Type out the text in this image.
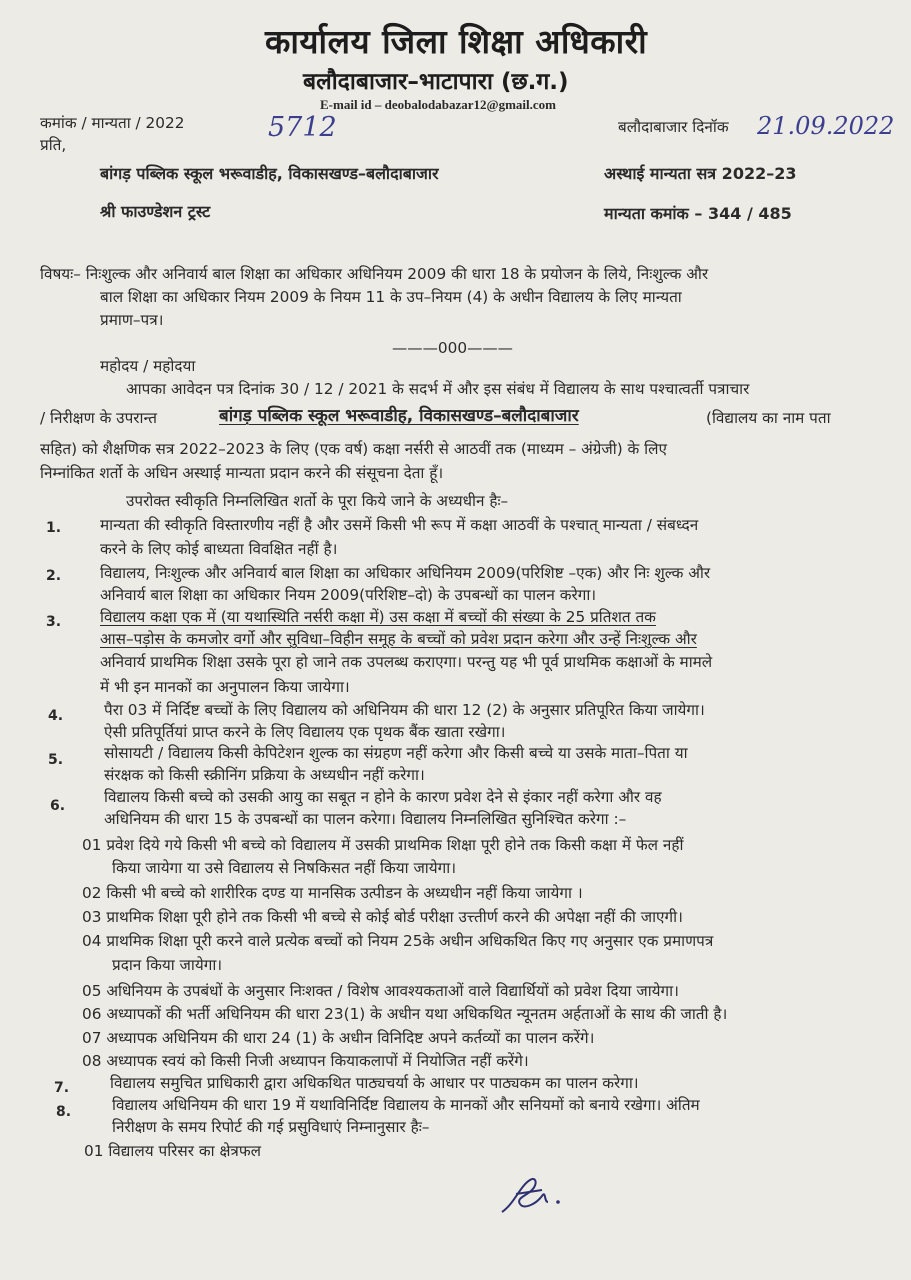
कार्यालय जिला शिक्षा अधिकारी
बलौदाबाजार–भाटापारा (छ.ग.)
E-mail id – deobalodabazar12@gmail.com
कमांक / मान्यता / 2022	5712
प्रति,
बलौदाबाजार दिनॉक 21.09.2022
बांगड़ पब्लिक स्कूल भरूवाडीह, विकासखण्ड–बलौदाबाजार	अस्थाई मान्यता सत्र 2022–23
श्री फाउण्डेशन ट्रस्ट	मान्यता कमांक – 344 / 485
विषयः– निःशुल्क और अनिवार्य बाल शिक्षा का अधिकार अधिनियम 2009 की धारा 18 के प्रयोजन के लिये, निःशुल्क और
बाल शिक्षा का अधिकार नियम 2009 के नियम 11 के उप–नियम (4) के अधीन विद्यालय के लिए मान्यता
प्रमाण–पत्र।
———000———
महोदय / महोदया
आपका आवेदन पत्र दिनांक 30 / 12 / 2021 के सदर्भ में और इस संबंध में विद्यालय के साथ पश्चात्वर्ती पत्राचार
/ निरीक्षण के उपरान्त	बांगड़ पब्लिक स्कूल भरूवाडीह, विकासखण्ड–बलौदाबाजार	(विद्यालय का नाम पता
सहित) को शैक्षणिक सत्र 2022–2023 के लिए (एक वर्ष) कक्षा नर्सरी से आठवीं तक (माध्यम – अंग्रेजी) के लिए
निम्नांकित शर्तो के अधिन अस्थाई मान्यता प्रदान करने की संसूचना देता हूँ।
उपरोक्त स्वीकृति निम्नलिखित शर्तो के पूरा किये जाने के अध्यधीन हैः–
1.	मान्यता की स्वीकृति विस्तारणीय नहीं है और उसमें किसी भी रूप में कक्षा आठवीं के पश्चात् मान्यता / संबध्दन
करने के लिए कोई बाध्यता विवक्षित नहीं है।
2.	विद्यालय, निःशुल्क और अनिवार्य बाल शिक्षा का अधिकार अधिनियम 2009(परिशिष्ट –एक) और निः शुल्क और
अनिवार्य बाल शिक्षा का अधिकार नियम 2009(परिशिष्ट–दो) के उपबन्धों का पालन करेगा।
3.	विद्यालय कक्षा एक में (या यथास्थिति नर्सरी कक्षा में) उस कक्षा में बच्चों की संख्या के 25 प्रतिशत तक
आस–पड़ोस के कमजोर वर्गो और सुविधा–विहीन समूह के बच्चों को प्रवेश प्रदान करेगा और उन्हें निःशुल्क और
अनिवार्य प्राथमिक शिक्षा उसके पूरा हो जाने तक उपलब्ध कराएगा। परन्तु यह भी पूर्व प्राथमिक कक्षाओं के मामले
में भी इन मानकों का अनुपालन किया जायेगा।
4.	पैरा 03 में निर्दिष्ट बच्चों के लिए विद्यालय को अधिनियम की धारा 12 (2) के अनुसार प्रतिपूरित किया जायेगा।
ऐसी प्रतिपूर्तियां प्राप्त करने के लिए विद्यालय एक पृथक बैंक खाता रखेगा।
5.	सोसायटी / विद्यालय किसी केपिटेशन शुल्क का संग्रहण नहीं करेगा और किसी बच्चे या उसके माता–पिता या
संरक्षक को किसी स्क्रीनिंग प्रक्रिया के अध्यधीन नहीं करेगा।
6.	विद्यालय किसी बच्चे को उसकी आयु का सबूत न होने के कारण प्रवेश देने से इंकार नहीं करेगा और वह
अधिनियम की धारा 15 के उपबन्धों का पालन करेगा। विद्यालय निम्नलिखित सुनिश्चित करेगा :–
01 प्रवेश दिये गये किसी भी बच्चे को विद्यालय में उसकी प्राथमिक शिक्षा पूरी होने तक किसी कक्षा में फेल नहीं
किया जायेगा या उसे विद्यालय से निषकिसत नहीं किया जायेगा।
02 किसी भी बच्चे को शारीरिक दण्ड या मानसिक उत्पीडन के अध्यधीन नहीं किया जायेगा ।
03 प्राथमिक शिक्षा पूरी होने तक किसी भी बच्चे से कोई बोर्ड परीक्षा उत्त्तीर्ण करने की अपेक्षा नहीं की जाएगी।
04 प्राथमिक शिक्षा पूरी करने वाले प्रत्येक बच्चों को नियम 25के अधीन अधिकथित किए गए अनुसार एक प्रमाणपत्र
प्रदान किया जायेगा।
05 अधिनियम के उपबंधों के अनुसार निःशक्त / विशेष आवश्यकताओं वाले विद्यार्थियों को प्रवेश दिया जायेगा।
06 अध्यापकों की भर्ती अधिनियम की धारा 23(1) के अधीन यथा अधिकथित न्यूनतम अर्हताओं के साथ की जाती है।
07 अध्यापक अधिनियम की धारा 24 (1) के अधीन विनिदिष्ट अपने कर्तव्यों का पालन करेंगे।
08 अध्यापक स्वयं को किसी निजी अध्यापन कियाकलापों में नियोजित नहीं करेंगे।
7.	विद्यालय समुचित प्राधिकारी द्वारा अधिकथित पाठ्यचर्या के आधार पर पाठ्यकम का पालन करेगा।
8.	विद्यालय अधिनियम की धारा 19 में यथाविनिर्दिष्ट विद्यालय के मानकों और सनियमों को बनाये रखेगा। अंतिम
निरीक्षण के समय रिपोर्ट की गई प्रसुविधाएं निम्नानुसार हैः–
01 विद्यालय परिसर का क्षेत्रफल
